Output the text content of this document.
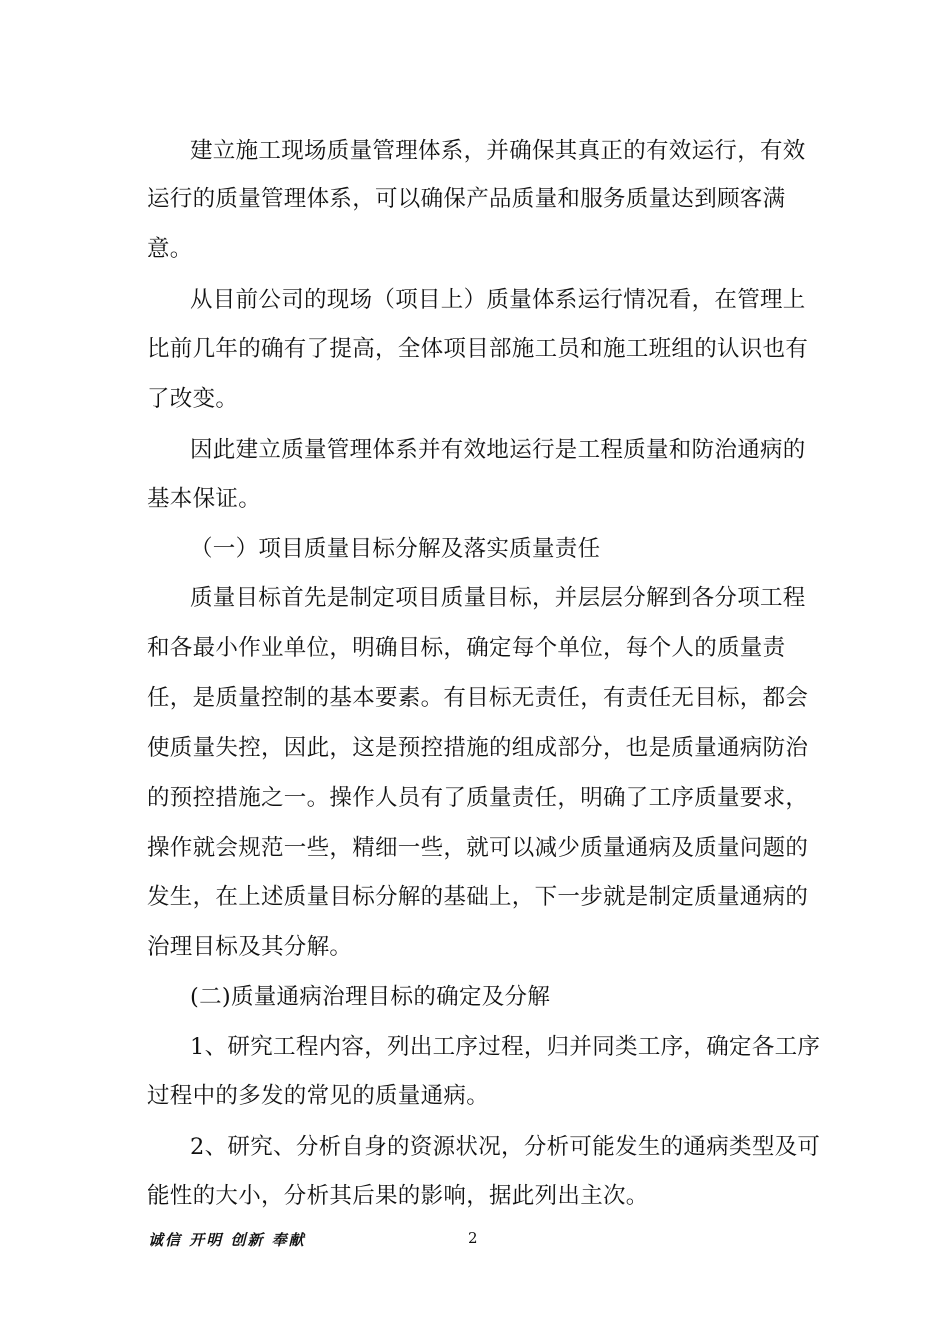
建立施工现场质量管理体系，并确保其真正的有效运行，有效
运行的质量管理体系，可以确保产品质量和服务质量达到顾客满
意。
从目前公司的现场（项目上）质量体系运行情况看，在管理上
比前几年的确有了提高，全体项目部施工员和施工班组的认识也有
了改变。
因此建立质量管理体系并有效地运行是工程质量和防治通病的
基本保证。
（一）项目质量目标分解及落实质量责任
质量目标首先是制定项目质量目标，并层层分解到各分项工程
和各最小作业单位，明确目标，确定每个单位，每个人的质量责
任，是质量控制的基本要素。有目标无责任，有责任无目标，都会
使质量失控，因此，这是预控措施的组成部分，也是质量通病防治
的预控措施之一。操作人员有了质量责任，明确了工序质量要求，
操作就会规范一些，精细一些，就可以减少质量通病及质量问题的
发生，在上述质量目标分解的基础上，下一步就是制定质量通病的
治理目标及其分解。
(二)质量通病治理目标的确定及分解
1、研究工程内容，列出工序过程，归并同类工序，确定各工序
过程中的多发的常见的质量通病。
2、研究、分析自身的资源状况，分析可能发生的通病类型及可
能性的大小，分析其后果的影响，据此列出主次。
诚信 开明 创新 奉献	2
